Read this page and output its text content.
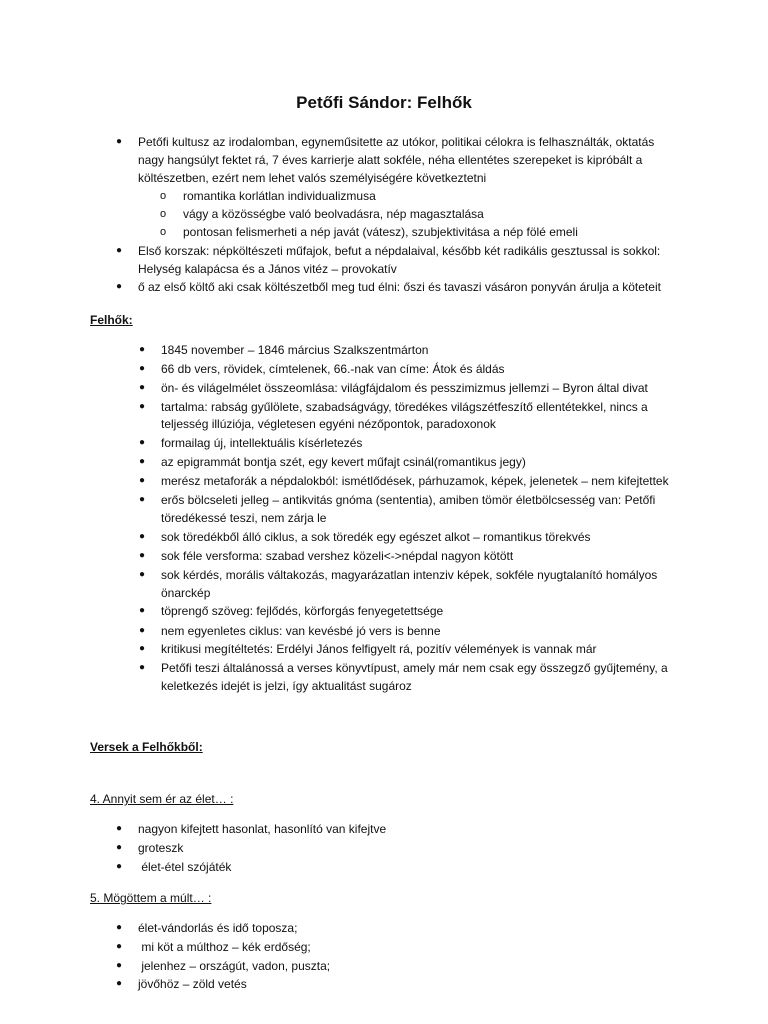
Petőfi Sándor: Felhők
● Petőfi kultusz az irodalomban, egyneműsitette az utókor, politikai célokra is felhasználták, oktatás
nagy hangsúlyt fektet rá, 7 éves karrierje alatt sokféle, néha ellentétes szerepeket is kipróbált a
költészetben, ezért nem lehet valós személyiségére következtetni
o romantika korlátlan individualizmusa
o vágy a közösségbe való beolvadásra, nép magasztalása
o pontosan felismerheti a nép javát (vátesz), szubjektivitása a nép fölé emeli
● Első korszak: népköltészeti műfajok, befut a népdalaival, később két radikális gesztussal is sokkol:
Helység kalapácsa és a János vitéz – provokatív
● ő az első költő aki csak költészetből meg tud élni: őszi és tavaszi vásáron ponyván árulja a köteteit
Felhők:
● 1845 november – 1846 március Szalkszentmárton
● 66 db vers, rövidek, címtelenek, 66.-nak van címe: Átok és áldás
● ön- és világelmélet összeomlása: világfájdalom és pesszimizmus jellemzi – Byron által divat
● tartalma: rabság gyűlölete, szabadságvágy, töredékes világszétfeszítő ellentétekkel, nincs a
teljesség illúziója, végletesen egyéni nézőpontok, paradoxonok
● formailag új, intellektuális kísérletezés
● az epigrammát bontja szét, egy kevert műfajt csinál(romantikus jegy)
● merész metaforák a népdalokból: ismétlődések, párhuzamok, képek, jelenetek – nem kifejtettek
● erős bölcseleti jelleg – antikvitás gnóma (sententia), amiben tömör életbölcsesség van: Petőfi
töredékessé teszi, nem zárja le
● sok töredékből álló ciklus, a sok töredék egy egészet alkot – romantikus törekvés
● sok féle versforma: szabad vershez közeli<->népdal nagyon kötött
● sok kérdés, morális váltakozás, magyarázatlan intenziv képek, sokféle nyugtalanító homályos
önarckép
● töprengő szöveg: fejlődés, körforgás fenyegetettsége
● nem egyenletes ciklus: van kevésbé jó vers is benne
● kritikusi megítéltetés: Erdélyi János felfigyelt rá, pozitív vélemények is vannak már
● Petőfi teszi általánossá a verses könyvtípust, amely már nem csak egy összegző gyűjtemény, a
keletkezés idejét is jelzi, így aktualitást sugároz
Versek a Felhőkből:
4. Annyit sem ér az élet… :
● nagyon kifejtett hasonlat, hasonlító van kifejtve
● groteszk
● élet-étel szójáték
5. Mögöttem a múlt… :
● élet-vándorlás és idő toposza;
● mi köt a múlthoz – kék erdőség;
● jelenhez – országút, vadon, puszta;
● jövőhöz – zöld vetés
